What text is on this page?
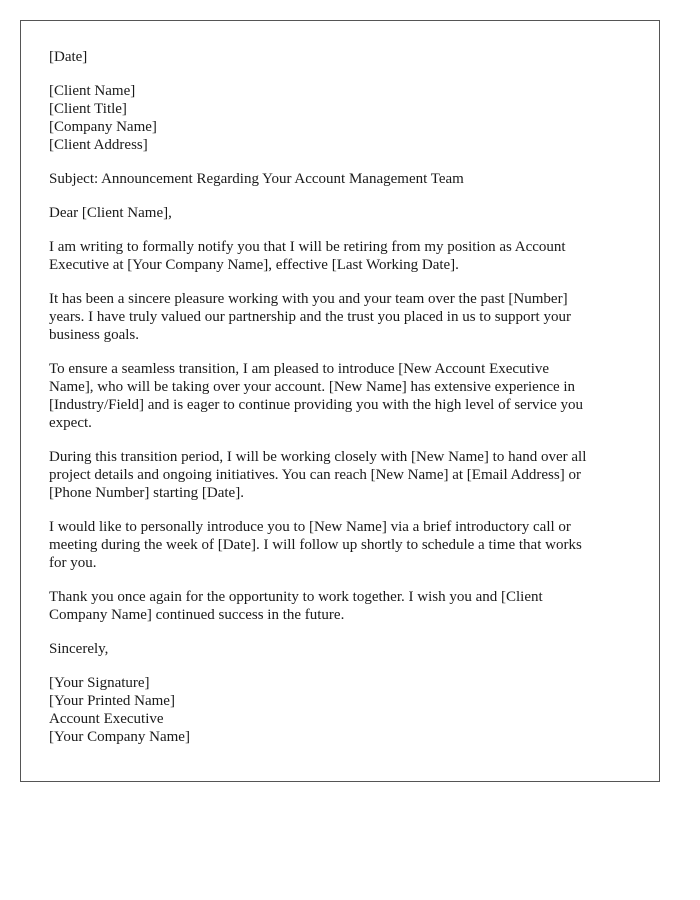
[Date]
[Client Name]
[Client Title]
[Company Name]
[Client Address]
Subject: Announcement Regarding Your Account Management Team
Dear [Client Name],
I am writing to formally notify you that I will be retiring from my position as Account
Executive at [Your Company Name], effective [Last Working Date].
It has been a sincere pleasure working with you and your team over the past [Number]
years. I have truly valued our partnership and the trust you placed in us to support your
business goals.
To ensure a seamless transition, I am pleased to introduce [New Account Executive
Name], who will be taking over your account. [New Name] has extensive experience in
[Industry/Field] and is eager to continue providing you with the high level of service you
expect.
During this transition period, I will be working closely with [New Name] to hand over all
project details and ongoing initiatives. You can reach [New Name] at [Email Address] or
[Phone Number] starting [Date].
I would like to personally introduce you to [New Name] via a brief introductory call or
meeting during the week of [Date]. I will follow up shortly to schedule a time that works
for you.
Thank you once again for the opportunity to work together. I wish you and [Client
Company Name] continued success in the future.
Sincerely,
[Your Signature]
[Your Printed Name]
Account Executive
[Your Company Name]
